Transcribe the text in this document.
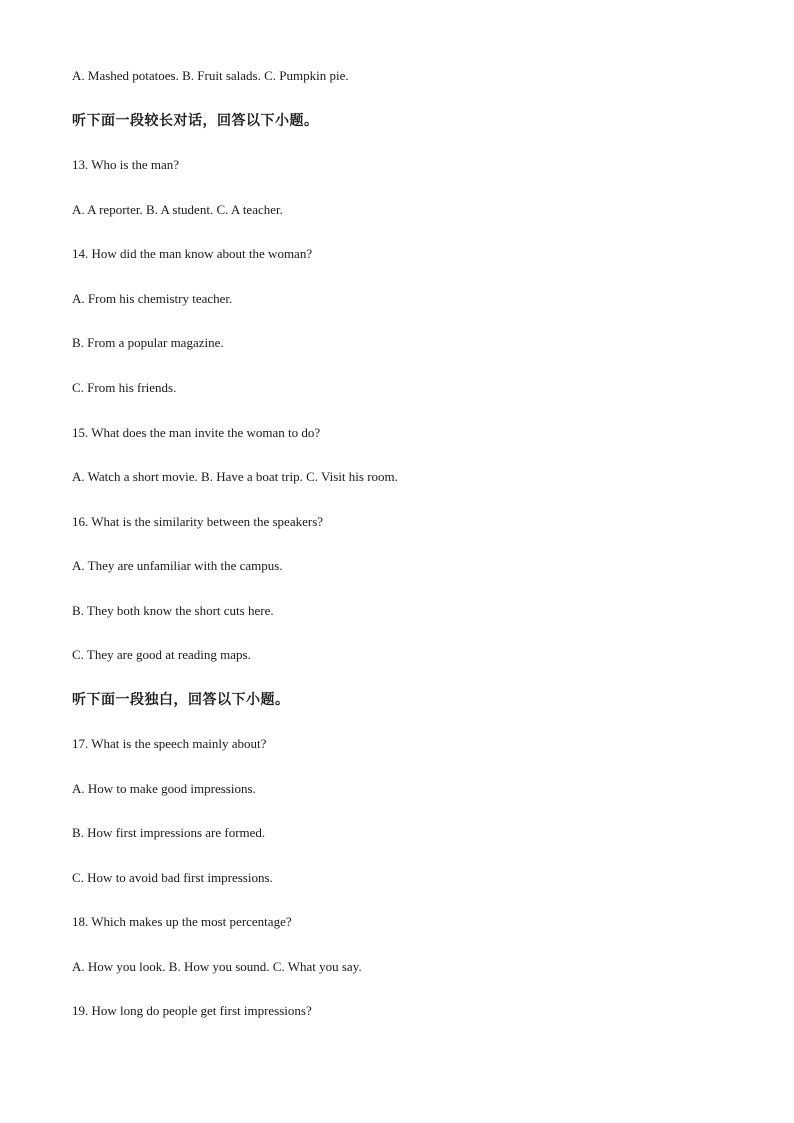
A. Mashed potatoes. B. Fruit salads. C. Pumpkin pie.
听下面一段较长对话，回答以下小题。
13. Who is the man?
A. A reporter. B. A student. C. A teacher.
14. How did the man know about the woman?
A. From his chemistry teacher.
B. From a popular magazine.
C. From his friends.
15. What does the man invite the woman to do?
A. Watch a short movie. B. Have a boat trip. C. Visit his room.
16. What is the similarity between the speakers?
A. They are unfamiliar with the campus.
B. They both know the short cuts here.
C. They are good at reading maps.
听下面一段独白，回答以下小题。
17. What is the speech mainly about?
A. How to make good impressions.
B. How first impressions are formed.
C. How to avoid bad first impressions.
18. Which makes up the most percentage?
A. How you look. B. How you sound. C. What you say.
19. How long do people get first impressions?
